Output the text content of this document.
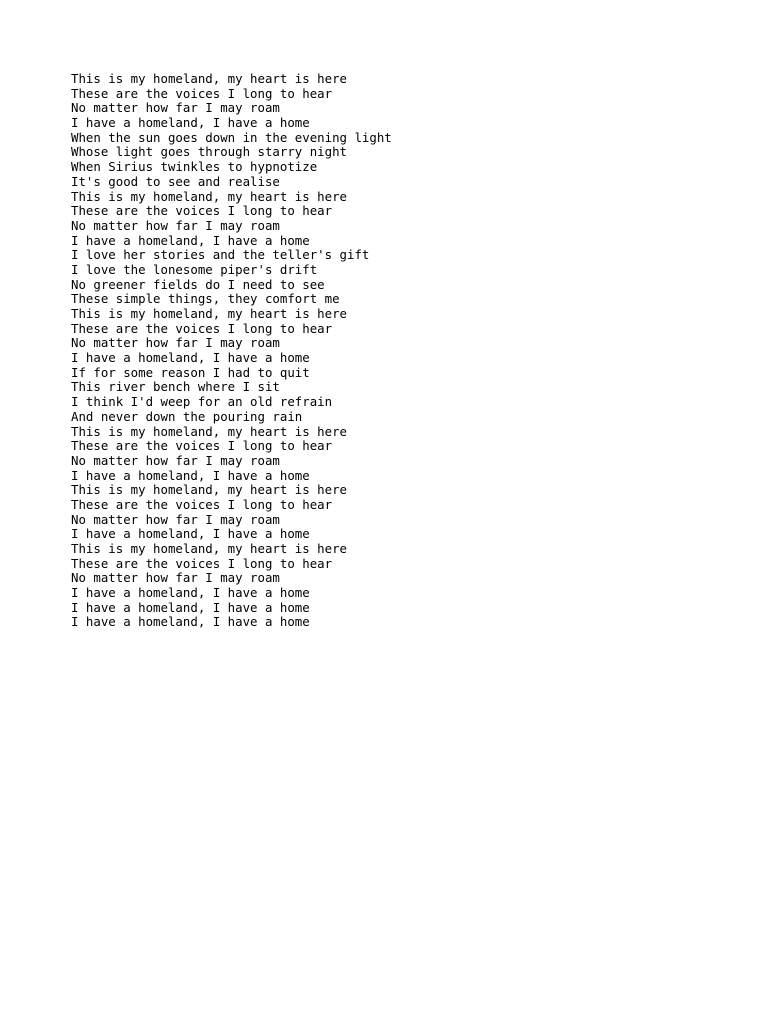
This is my homeland, my heart is here
These are the voices I long to hear
No matter how far I may roam
I have a homeland, I have a home
When the sun goes down in the evening light
Whose light goes through starry night
When Sirius twinkles to hypnotize
It's good to see and realise
This is my homeland, my heart is here
These are the voices I long to hear
No matter how far I may roam
I have a homeland, I have a home
I love her stories and the teller's gift
I love the lonesome piper's drift
No greener fields do I need to see
These simple things, they comfort me
This is my homeland, my heart is here
These are the voices I long to hear
No matter how far I may roam
I have a homeland, I have a home
If for some reason I had to quit
This river bench where I sit
I think I'd weep for an old refrain
And never down the pouring rain
This is my homeland, my heart is here
These are the voices I long to hear
No matter how far I may roam
I have a homeland, I have a home
This is my homeland, my heart is here
These are the voices I long to hear
No matter how far I may roam
I have a homeland, I have a home
This is my homeland, my heart is here
These are the voices I long to hear
No matter how far I may roam
I have a homeland, I have a home
I have a homeland, I have a home
I have a homeland, I have a home
